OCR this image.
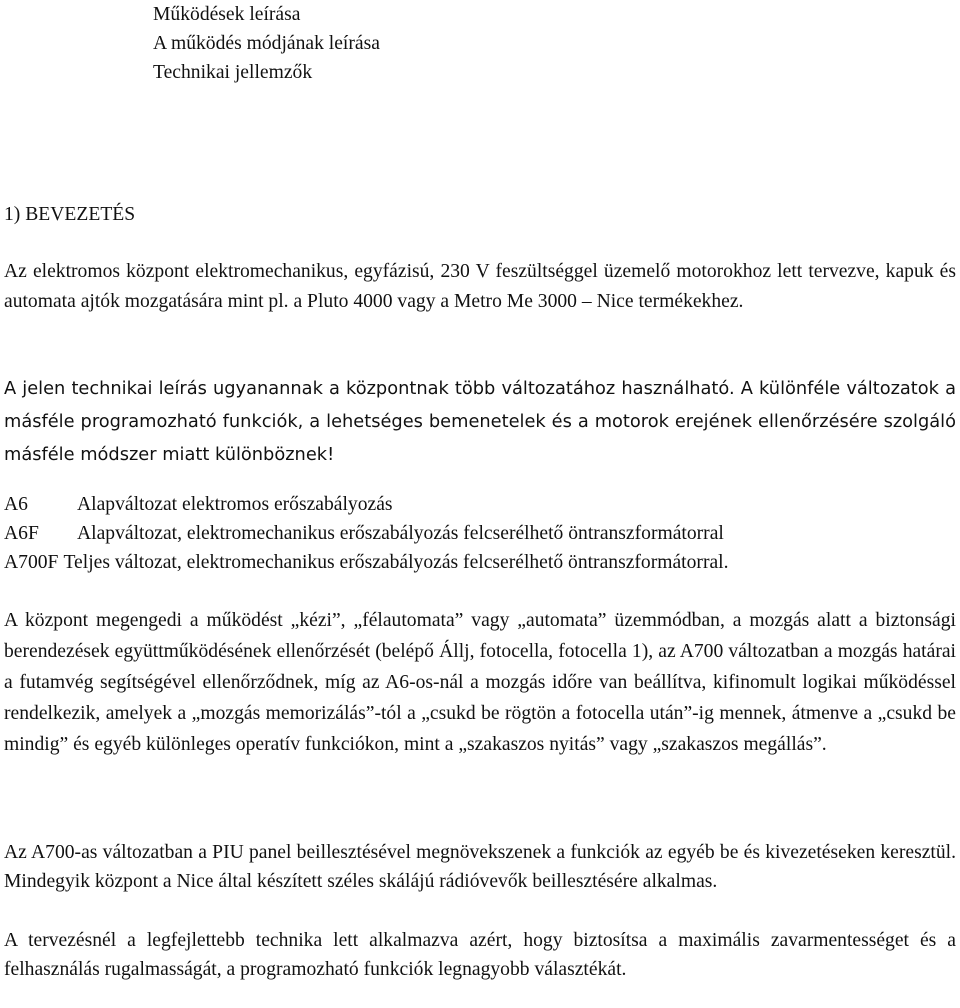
Működések leírása
A működés módjának leírása
Technikai jellemzők
1) BEVEZETÉS

Az elektromos központ elektromechanikus, egyfázisú, 230 V feszültséggel üzemelő motorokhoz lett tervezve, kapuk és automata ajtók mozgatására mint pl. a Pluto 4000 vagy a Metro Me 3000 – Nice termékekhez.

A jelen technikai leírás ugyanannak a központnak több változatához használható. A különféle változatok a másféle programozható funkciók, a lehetséges bemenetelek és a motorok erejének ellenőrzésére szolgáló másféle módszer miatt különböznek!

A6	Alapváltozat elektromos erőszabályozás
A6F	Alapváltozat, elektromechanikus erőszabályozás felcserélhető öntranszformátorral
A700F Teljes változat, elektromechanikus erőszabályozás felcserélhető öntranszformátorral.

A központ megengedi a működést „kézi”, „félautomata” vagy „automata” üzemmódban, a mozgás alatt a biztonsági berendezések együttműködésének ellenőrzését (belépő Állj, fotocella, fotocella 1), az A700 változatban a mozgás határai a futamvég segítségével ellenőrződnek, míg az A6-os-nál a mozgás időre van beállítva, kifinomult logikai működéssel rendelkezik, amelyek a „mozgás memorizálás”-tól a „csukd be rögtön a fotocella után”-ig mennek, átmenve a „csukd be mindig” és egyéb különleges operatív funkciókon, mint a „szakaszos nyitás” vagy „szakaszos megállás”.

Az A700-as változatban a PIU panel beillesztésével megnövekszenek a funkciók az egyéb be és kivezetéseken keresztül. Mindegyik központ a Nice által készített széles skálájú rádióvevők beillesztésére alkalmas.

A tervezésnél a legfejlettebb technika lett alkalmazva azért, hogy biztosítsa a maximális zavarmentességet és a felhasználás rugalmasságát, a programozható funkciók legnagyobb választékát.
